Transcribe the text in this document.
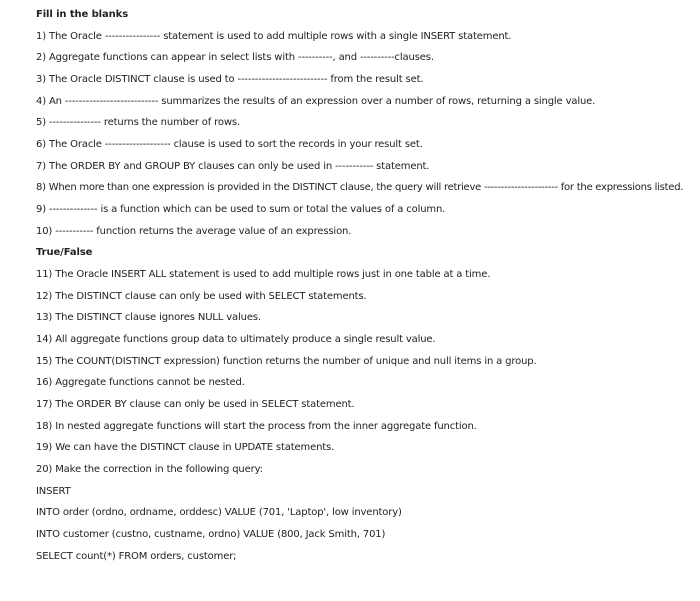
Fill in the blanks
1) The Oracle ---------------- statement is used to add multiple rows with a single INSERT statement.
2) Aggregate functions can appear in select lists with ----------, and ----------clauses.
3) The Oracle DISTINCT clause is used to -------------------------- from the result set.
4) An --------------------------- summarizes the results of an expression over a number of rows, returning a single value.
5) --------------- returns the number of rows.
6) The Oracle ------------------- clause is used to sort the records in your result set.
7) The ORDER BY and GROUP BY clauses can only be used in ----------- statement.
8) When more than one expression is provided in the DISTINCT clause, the query will retrieve ---------------------- for the expressions listed.
9) -------------- is a function which can be used to sum or total the values of a column.
10) ----------- function returns the average value of an expression.
True/False
11) The Oracle INSERT ALL statement is used to add multiple rows just in one table at a time.
12) The DISTINCT clause can only be used with SELECT statements.
13) The DISTINCT clause ignores NULL values.
14) All aggregate functions group data to ultimately produce a single result value.
15) The COUNT(DISTINCT expression) function returns the number of unique and null items in a group.
16) Aggregate functions cannot be nested.
17) The ORDER BY clause can only be used in SELECT statement.
18) In nested aggregate functions will start the process from the inner aggregate function.
19) We can have the DISTINCT clause in UPDATE statements.
20) Make the correction in the following query:
INSERT
INTO order (ordno, ordname, orddesc) VALUE (701, 'Laptop', low inventory)
INTO customer (custno, custname, ordno) VALUE (800, Jack Smith, 701)
SELECT count(*) FROM orders, customer;
